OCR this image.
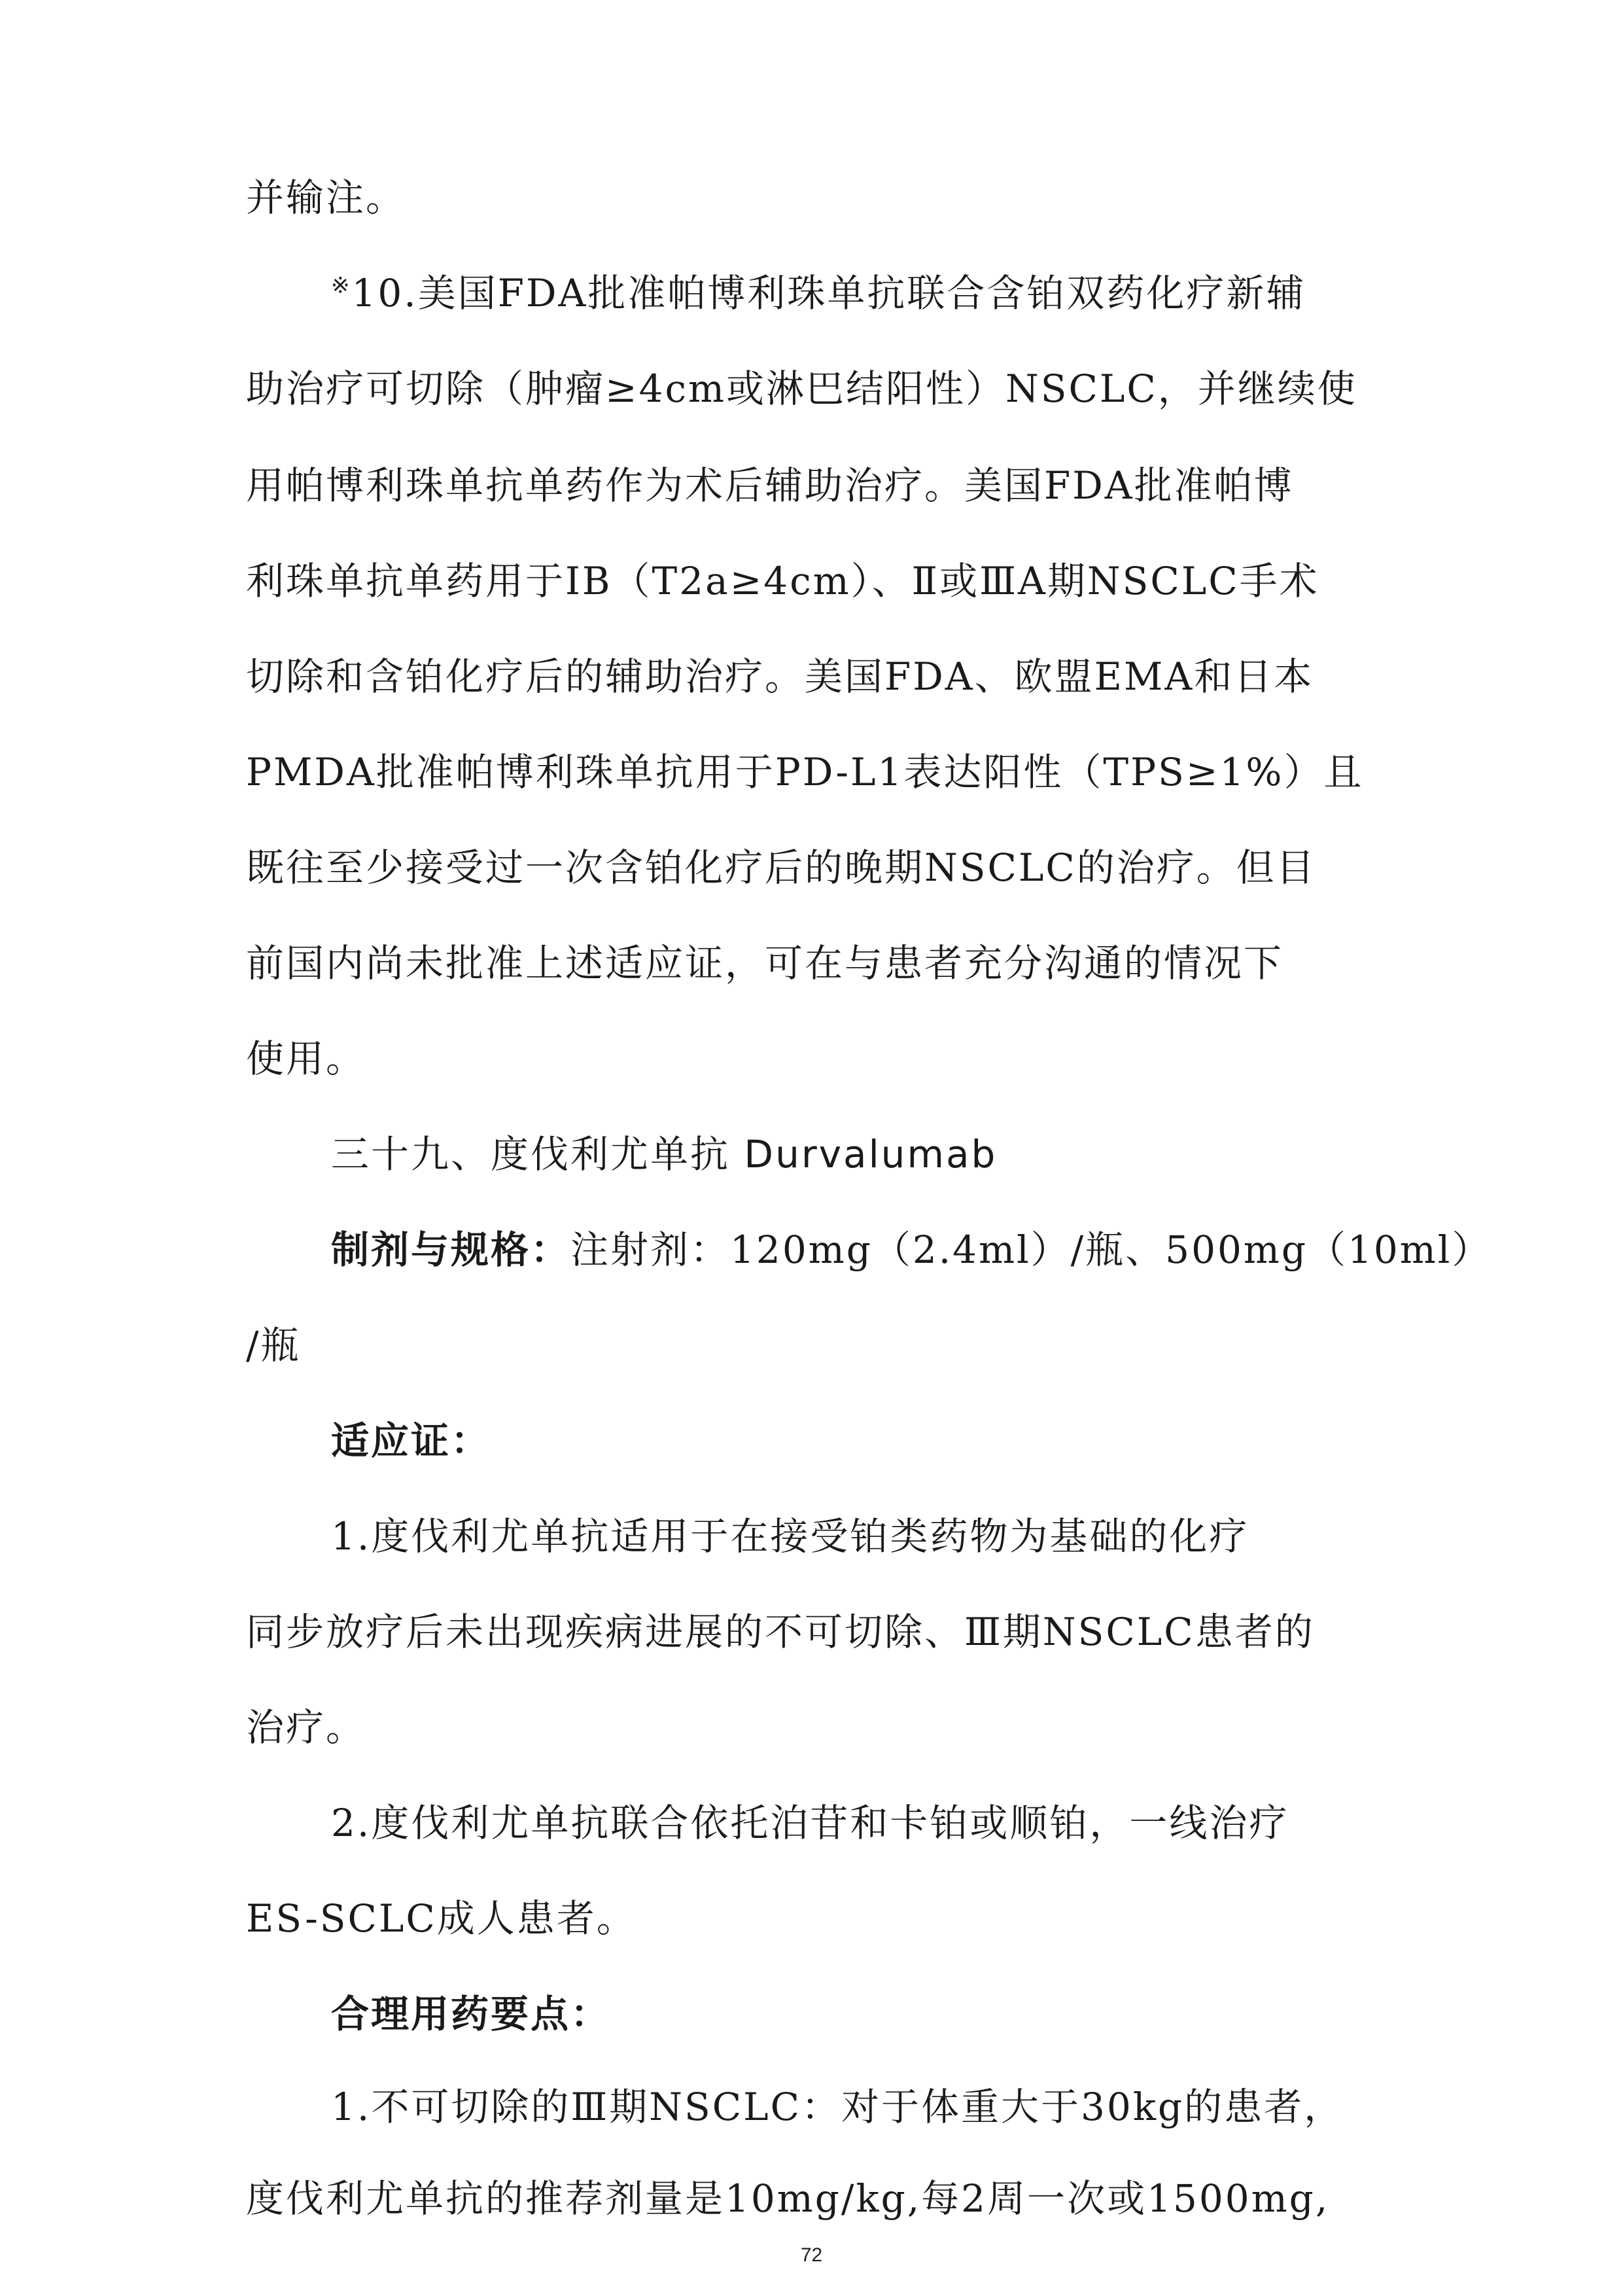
并输注。
※10.美国FDA批准帕博利珠单抗联合含铂双药化疗新辅
助治疗可切除（肿瘤≥4cm或淋巴结阳性）NSCLC，并继续使
用帕博利珠单抗单药作为术后辅助治疗。美国FDA批准帕博
利珠单抗单药用于ⅠB（T2a≥4cm）、Ⅱ或ⅢA期NSCLC手术
切除和含铂化疗后的辅助治疗。美国FDA、欧盟EMA和日本
PMDA批准帕博利珠单抗用于PD-L1表达阳性（TPS≥1%）且
既往至少接受过一次含铂化疗后的晚期NSCLC的治疗。但目
前国内尚未批准上述适应证，可在与患者充分沟通的情况下
使用。
三十九、度伐利尤单抗 Durvalumab
制剂与规格：注射剂：120mg（2.4ml）/瓶、500mg（10ml）
/瓶
适应证：
1.度伐利尤单抗适用于在接受铂类药物为基础的化疗
同步放疗后未出现疾病进展的不可切除、Ⅲ期NSCLC患者的
治疗。
2.度伐利尤单抗联合依托泊苷和卡铂或顺铂，一线治疗
ES-SCLC成人患者。
合理用药要点：
1.不可切除的Ⅲ期NSCLC：对于体重大于30kg的患者，
度伐利尤单抗的推荐剂量是10mg/kg,每2周一次或1500mg,
72
